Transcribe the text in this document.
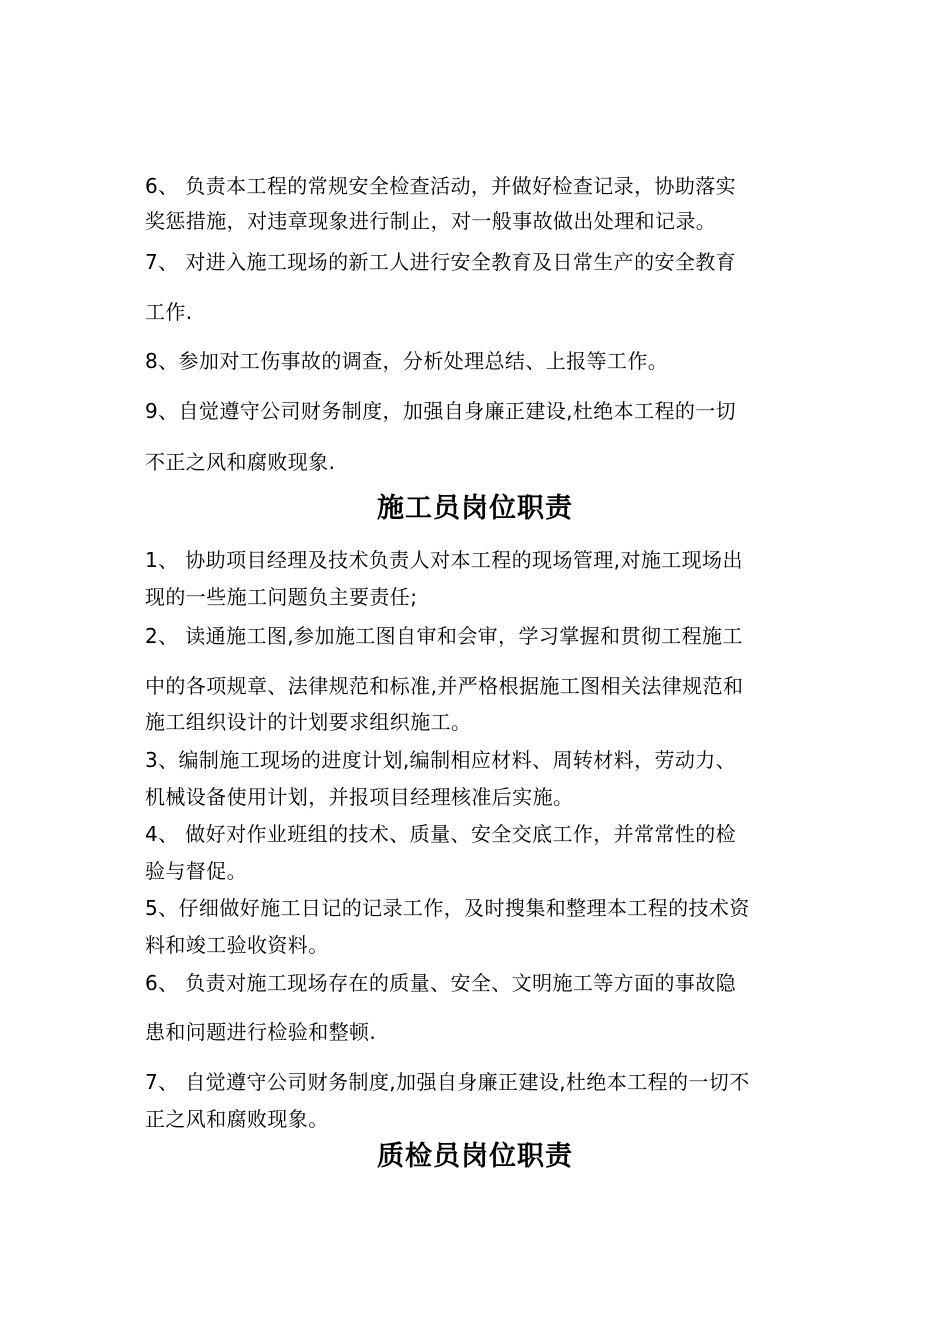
6、 负责本工程的常规安全检查活动，并做好检查记录，协助落实
奖惩措施，对违章现象进行制止，对一般事故做出处理和记录。
7、 对进入施工现场的新工人进行安全教育及日常生产的安全教育
工作.
8、参加对工伤事故的调查，分析处理总结、上报等工作。
9、自觉遵守公司财务制度，加强自身廉正建设,杜绝本工程的一切
不正之风和腐败现象.
施工员岗位职责
1、 协助项目经理及技术负责人对本工程的现场管理,对施工现场出
现的一些施工问题负主要责任;
2、 读通施工图,参加施工图自审和会审，学习掌握和贯彻工程施工
中的各项规章、法律规范和标准,并严格根据施工图相关法律规范和
施工组织设计的计划要求组织施工。
3、编制施工现场的进度计划,编制相应材料、周转材料，劳动力、
机械设备使用计划，并报项目经理核准后实施。
4、 做好对作业班组的技术、质量、安全交底工作，并常常性的检
验与督促。
5、仔细做好施工日记的记录工作，及时搜集和整理本工程的技术资
料和竣工验收资料。
6、 负责对施工现场存在的质量、安全、文明施工等方面的事故隐
患和问题进行检验和整顿.
7、 自觉遵守公司财务制度,加强自身廉正建设,杜绝本工程的一切不
正之风和腐败现象。
质检员岗位职责
